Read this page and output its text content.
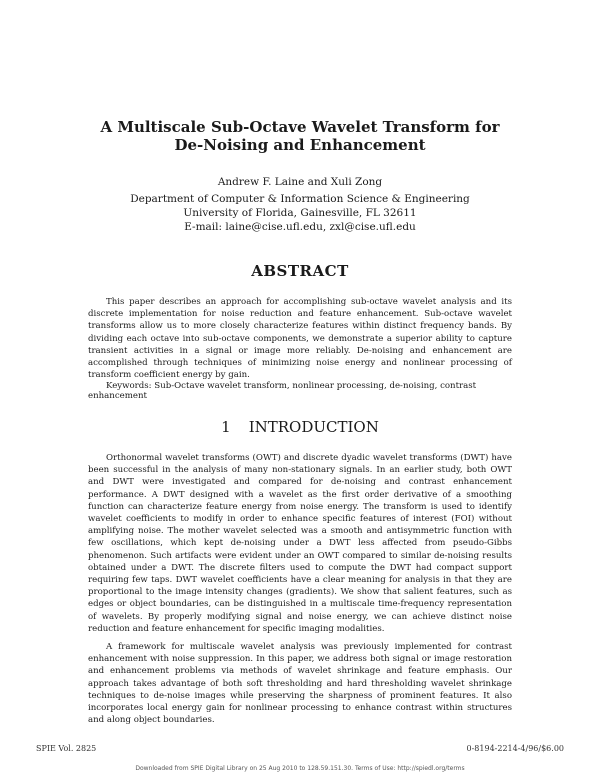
A Multiscale Sub-Octave Wavelet Transform for
De-Noising and Enhancement
Andrew F. Laine and Xuli Zong
Department of Computer & Information Science & Engineering
University of Florida, Gainesville, FL 32611
E-mail: laine@cise.ufl.edu, zxl@cise.ufl.edu
ABSTRACT

This paper describes an approach for accomplishing sub-octave wavelet analysis and its discrete implementation for noise reduction and feature enhancement. Sub-octave wavelet transforms allow us to more closely characterize features within distinct frequency bands. By dividing each octave into sub-octave components, we demonstrate a superior ability to capture transient activities in a signal or image more reliably. De-noising and enhancement are accomplished through techniques of minimizing noise energy and nonlinear processing of transform coefficient energy by gain.

Keywords: Sub-Octave wavelet transform, nonlinear processing, de-noising, contrast enhancement
1 INTRODUCTION

Orthonormal wavelet transforms (OWT) and discrete dyadic wavelet transforms (DWT) have been successful in the analysis of many non-stationary signals. In an earlier study, both OWT and DWT were investigated and compared for de-noising and contrast enhancement performance. A DWT designed with a wavelet as the first order derivative of a smoothing function can characterize feature energy from noise energy. The transform is used to identify wavelet coefficients to modify in order to enhance specific features of interest (FOI) without amplifying noise. The mother wavelet selected was a smooth and antisymmetric function with few oscillations, which kept de-noising under a DWT less affected from pseudo-Gibbs phenomenon. Such artifacts were evident under an OWT compared to similar de-noising results obtained under a DWT. The discrete filters used to compute the DWT had compact support requiring few taps. DWT wavelet coefficients have a clear meaning for analysis in that they are proportional to the image intensity changes (gradients). We show that salient features, such as edges or object boundaries, can be distinguished in a multiscale time-frequency representation of wavelets. By properly modifying signal and noise energy, we can achieve distinct noise reduction and feature enhancement for specific imaging modalities.

A framework for multiscale wavelet analysis was previously implemented for contrast enhancement with noise suppression. In this paper, we address both signal or image restoration and enhancement problems via methods of wavelet shrinkage and feature emphasis. Our approach takes advantage of both soft thresholding and hard thresholding wavelet shrinkage techniques to de-noise images while preserving the sharpness of prominent features. It also incorporates local energy gain for nonlinear processing to enhance contrast within structures and along object boundaries.

SPIE Vol. 2825	0-8194-2214-4/96/$6.00
Downloaded from SPIE Digital Library on 25 Aug 2010 to 128.59.151.30. Terms of Use: http://spiedl.org/terms
